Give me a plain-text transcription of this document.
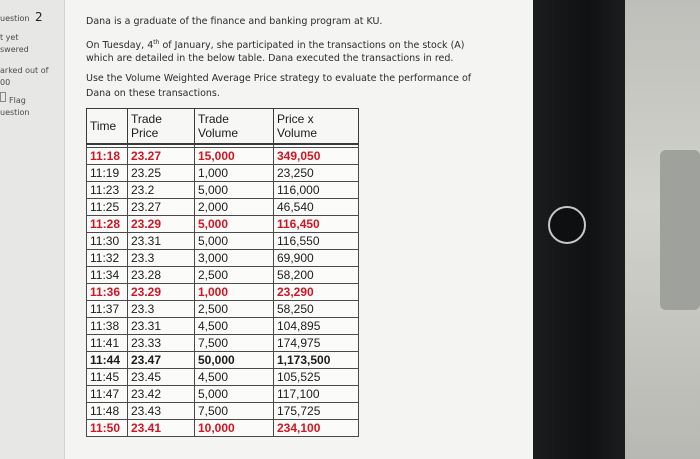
uestion 2
t yet
swered
arked out of
00
Flag
uestion
Dana is a graduate of the finance and banking program at KU.
On Tuesday, 4th of January, she participated in the transactions on the stock (A)
which are detailed in the below table. Dana executed the transactions in red.
Use the Volume Weighted Average Price strategy to evaluate the performance of
Dana on these transactions.
Time	Trade Price	Trade Volume	Price x Volume

11:18	23.27	15,000	349,050
11:19	23.25	1,000	23,250
11:23	23.2	5,000	116,000
11:25	23.27	2,000	46,540
11:28	23.29	5,000	116,450
11:30	23.31	5,000	116,550
11:32	23.3	3,000	69,900
11:34	23.28	2,500	58,200
11:36	23.29	1,000	23,290
11:37	23.3	2,500	58,250
11:38	23.31	4,500	104,895
11:41	23.33	7,500	174,975
11:44	23.47	50,000	1,173,500
11:45	23.45	4,500	105,525
11:47	23.42	5,000	117,100
11:48	23.43	7,500	175,725
11:50	23.41	10,000	234,100
